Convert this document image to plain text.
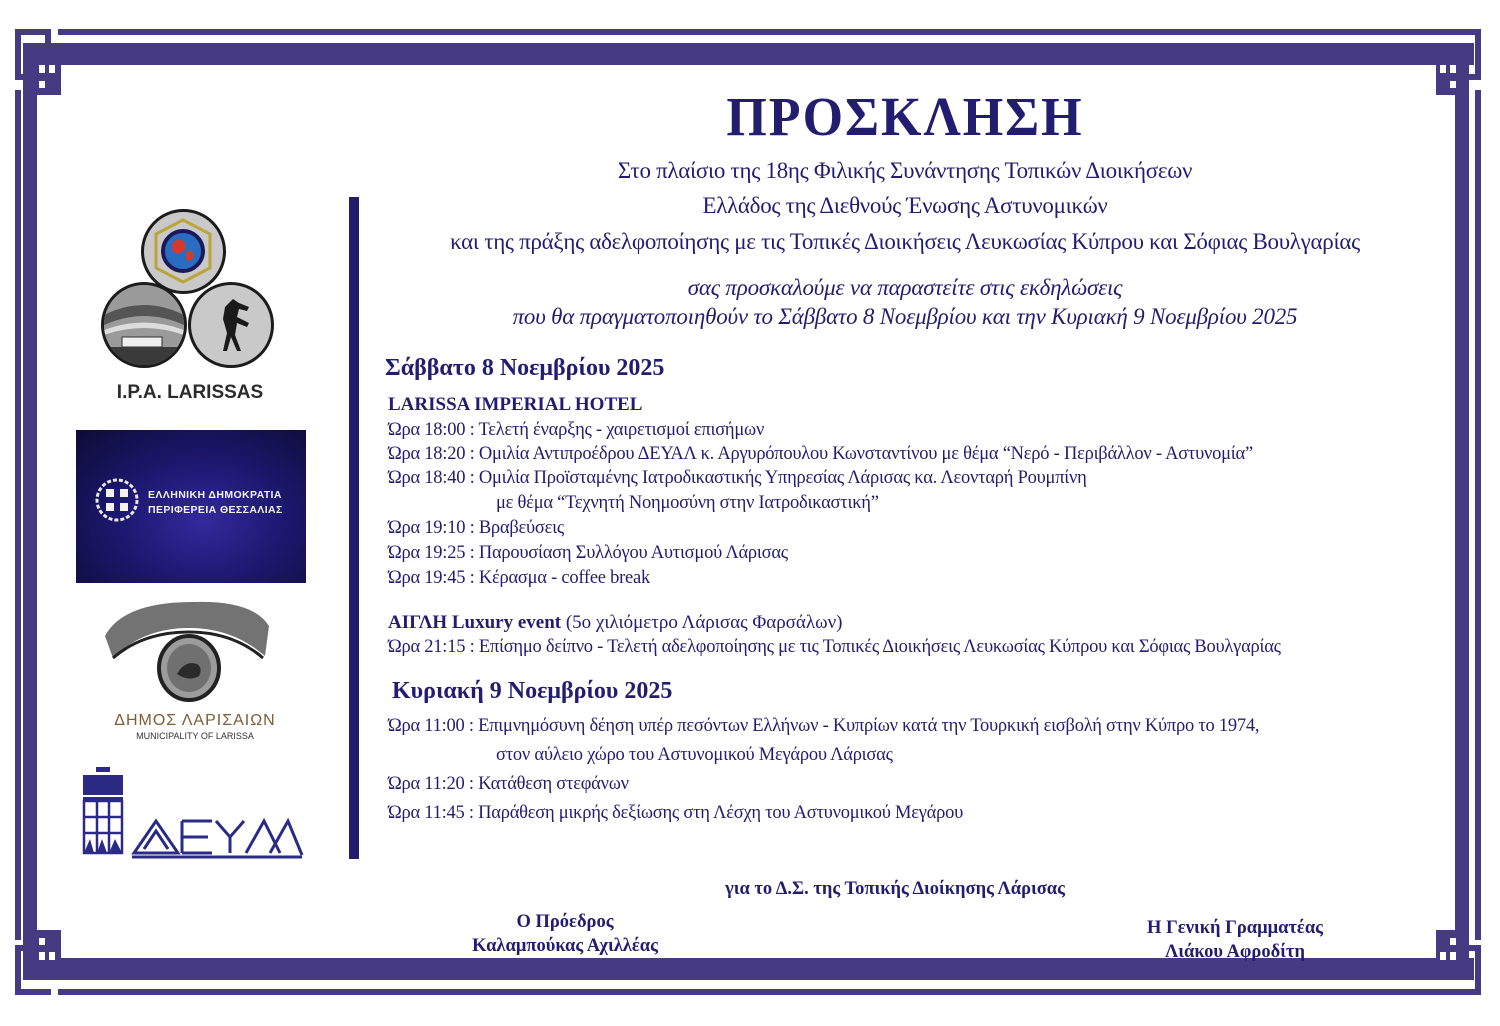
I.P.A. LARISSAS
ΕΛΛΗΝΙΚΗ ΔΗΜΟΚΡΑΤΙΑ
ΠΕΡΙΦΕΡΕΙΑ ΘΕΣΣΑΛΙΑΣ
ΔΗΜΟΣ ΛΑΡΙΣΑΙΩΝ
MUNICIPALITY OF LARISSA
ΠΡΟΣΚΛΗΣΗ
Στο πλαίσιο της 18ης Φιλικής Συνάντησης Τοπικών Διοικήσεων
Ελλάδος της Διεθνούς Ένωσης Αστυνομικών
και της πράξης αδελφοποίησης με τις Τοπικές Διοικήσεις Λευκωσίας Κύπρου και Σόφιας Βουλγαρίας
σας προσκαλούμε να παραστείτε στις εκδηλώσεις
που θα πραγματοποιηθούν το Σάββατο 8 Νοεμβρίου και την Κυριακή 9 Νοεμβρίου 2025
Σάββατο 8 Νοεμβρίου 2025
LARISSA IMPERIAL HOTEL
Ώρα 18:00 : Τελετή έναρξης - χαιρετισμοί επισήμων
Ώρα 18:20 : Ομιλία Αντιπροέδρου ΔΕΥΑΛ κ. Αργυρόπουλου Κωνσταντίνου με θέμα “Νερό - Περιβάλλον - Αστυνομία”
Ώρα 18:40 : Ομιλία Προϊσταμένης Ιατροδικαστικής Υπηρεσίας Λάρισας κα. Λεονταρή Ρουμπίνη
με θέμα “Τεχνητή Νοημοσύνη στην Ιατροδικαστική”
Ώρα 19:10 : Βραβεύσεις
Ώρα 19:25 : Παρουσίαση Συλλόγου Αυτισμού Λάρισας
Ώρα 19:45 : Κέρασμα - coffee break
ΑΙΓΛΗ Luxury event (5ο χιλιόμετρο Λάρισας Φαρσάλων)
Ώρα 21:15 : Επίσημο δείπνο - Τελετή αδελφοποίησης με τις Τοπικές Διοικήσεις Λευκωσίας Κύπρου και Σόφιας Βουλγαρίας
Κυριακή 9 Νοεμβρίου 2025
Ώρα 11:00 : Επιμνημόσυνη δέηση υπέρ πεσόντων Ελλήνων - Κυπρίων κατά την Τουρκική εισβολή στην Κύπρο το 1974,
στον αύλειο χώρο του Αστυνομικού Μεγάρου Λάρισας
Ώρα 11:20 : Κατάθεση στεφάνων
Ώρα 11:45 : Παράθεση μικρής δεξίωσης στη Λέσχη του Αστυνομικού Μεγάρου
για το Δ.Σ. της Τοπικής Διοίκησης Λάρισας
Ο Πρόεδρος
Καλαμπούκας Αχιλλέας
Η Γενική Γραμματέας
Λιάκου Αφροδίτη
